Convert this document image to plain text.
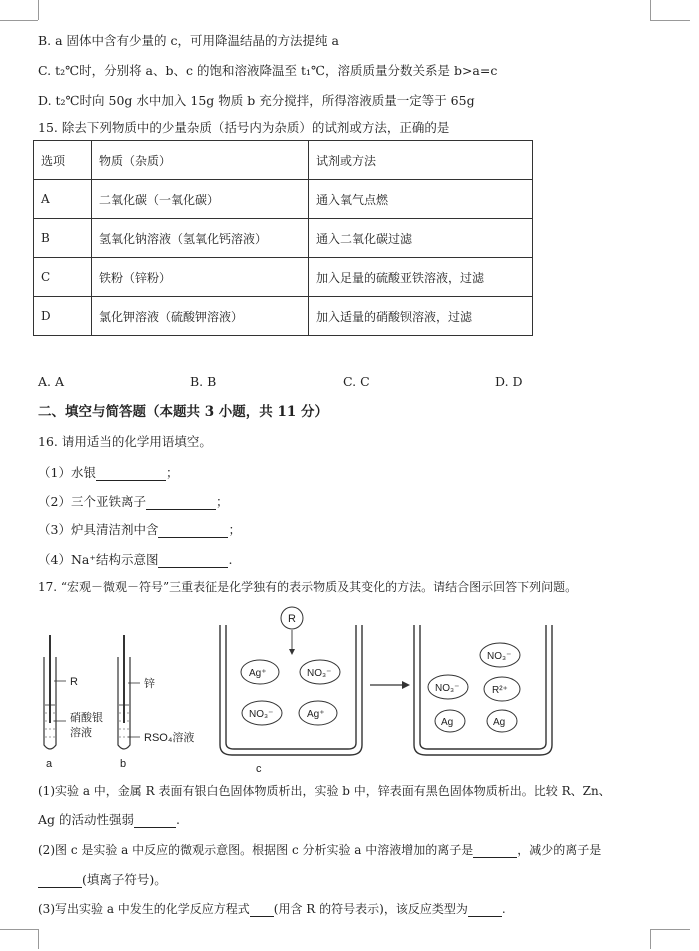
B. a 固体中含有少量的 c，可用降温结晶的方法提纯 a
C. t₂℃时，分别将 a、b、c 的饱和溶液降温至 t₁℃，溶质质量分数关系是 b>a=c
D. t₂℃时向 50g 水中加入 15g 物质 b 充分搅拌，所得溶液质量一定等于 65g
15. 除去下列物质中的少量杂质（括号内为杂质）的试剂或方法，正确的是
选项	物质（杂质）	试剂或方法
A	二氧化碳（一氧化碳）	通入氧气点燃
B	氢氧化钠溶液（氢氧化钙溶液）	通入二氧化碳过滤
C	铁粉（锌粉）	加入足量的硫酸亚铁溶液，过滤
D	氯化钾溶液（硫酸钾溶液）	加入适量的硝酸钡溶液，过滤
A. A	B. B	C. C	D. D
二、填空与简答题（本题共 3 小题，共 11 分）
16. 请用适当的化学用语填空。
（1）水银	；
（2）三个亚铁离子	；
（3）炉具清洁剂中含	；
（4）Na⁺结构示意图	.
17. “宏观－微观－符号”三重表征是化学独有的表示物质及其变化的方法。请结合图示回答下列问题。
R
硝酸银
溶液
a
锌
RSO₄溶液
b
R
Ag⁺	NO₃⁻
NO₃⁻	Ag⁺
c
NO₃⁻
NO₃⁻	R²⁺
Ag	Ag
(1)实验 a 中，金属 R 表面有银白色固体物质析出，实验 b 中，锌表面有黑色固体物质析出。比较 R、Zn、
Ag 的活动性强弱	.
(2)图 c 是实验 a 中反应的微观示意图。根据图 c 分析实验 a 中溶液增加的离子是	，减少的离子是
(填离子符号)。
(3)写出实验 a 中发生的化学反应方程式 (用含 R 的符号表示)，该反应类型为	.
